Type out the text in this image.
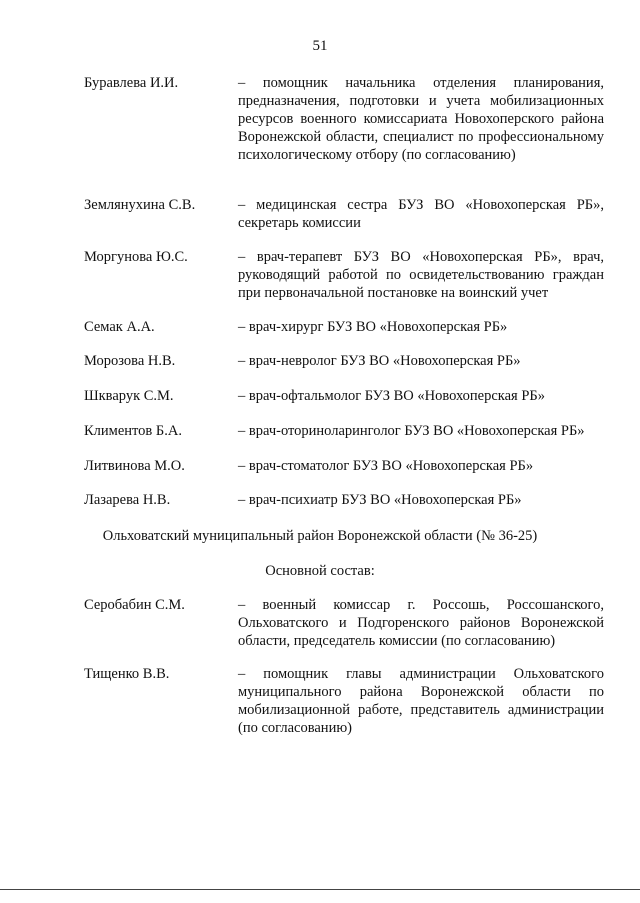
51
Буравлева И.И.	– помощник начальника отделения планирования, предназначения, подготовки и учета мобилизационных ресурсов военного комиссариата Новохоперского района Воронежской области, специалист по профессиональному психологическому отбору (по согласованию)
Землянухина С.В.	– медицинская сестра БУЗ ВО «Новохоперская РБ», секретарь комиссии
Моргунова Ю.С.	– врач-терапевт БУЗ ВО «Новохоперская РБ», врач, руководящий работой по освидетельствованию граждан при первоначальной постановке на воинский учет
Семак А.А.	– врач-хирург БУЗ ВО «Новохоперская РБ»
Морозова Н.В.	– врач-невролог БУЗ ВО «Новохоперская РБ»
Шкварук С.М.	– врач-офтальмолог БУЗ ВО «Новохоперская РБ»
Климентов Б.А.	– врач-оториноларинголог БУЗ ВО «Новохоперская РБ»
Литвинова М.О.	– врач-стоматолог БУЗ ВО «Новохоперская РБ»
Лазарева Н.В.	– врач-психиатр БУЗ ВО «Новохоперская РБ»
Ольховатский муниципальный район Воронежской области (№ 36-25)
Основной состав:
Серобабин С.М.	– военный комиссар г. Россошь, Россошанского, Ольховатского и Подгоренского районов Воронежской области, председатель комиссии (по согласованию)
Тищенко В.В.	– помощник главы администрации Ольховатского муниципального района Воронежской области по мобилизационной работе, представитель администрации (по согласованию)
